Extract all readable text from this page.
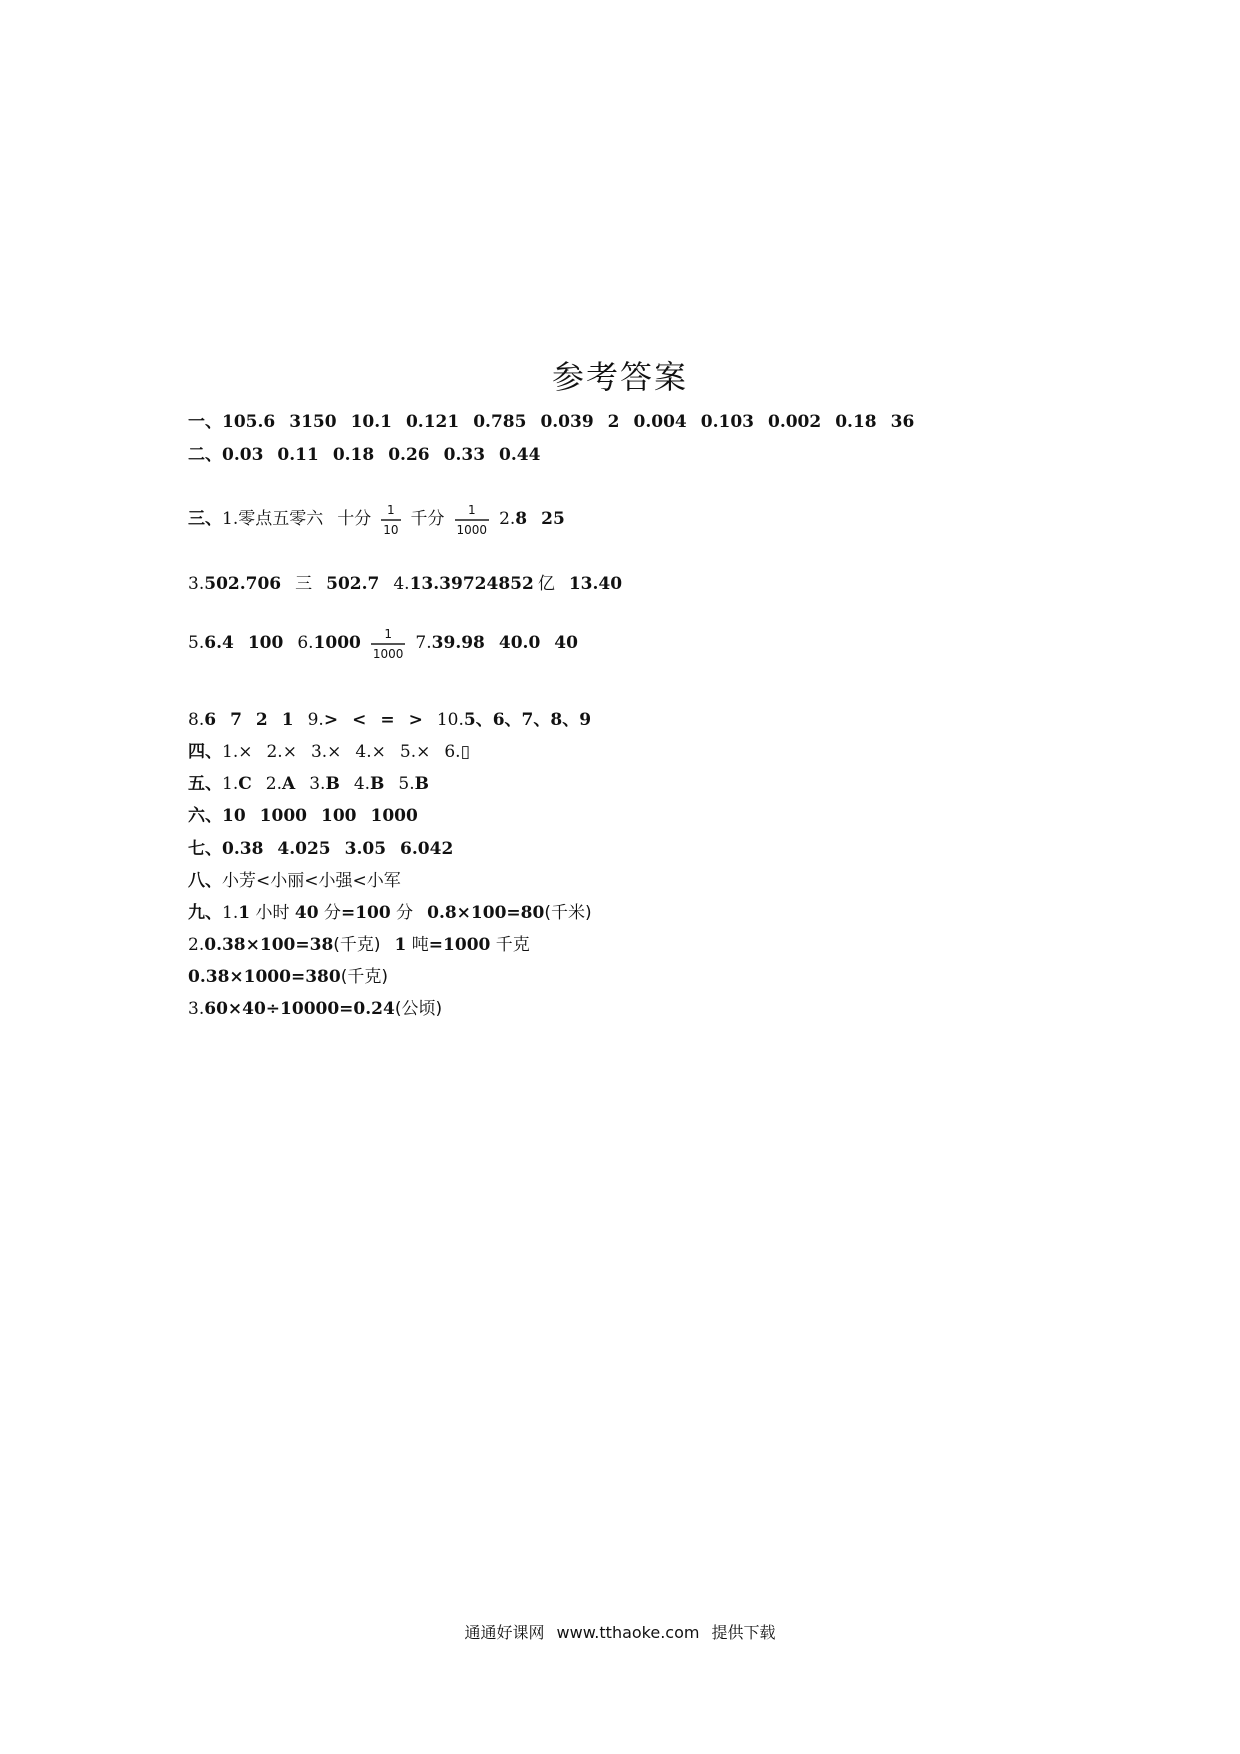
参考答案
一、105.6 3150 10.1 0.121 0.785 0.039 2 0.004 0.103 0.002 0.18 36
二、0.03 0.11 0.18 0.26 0.33 0.44
三、1.零点五零六 十分 $\frac{1}{10}$ 千分 $\frac{1}{1000} 2.8$ 25
3.502.706 三 502.7 4.13.39724852 亿 13.40
5.6.4 100 $6.1000 \frac{1}{1000} 7.39.98$ 40.0 40
8.6 7 2 1 9.> < = > 10.5、6、7、8、9
四、1.× 2.× 3.× 4.× 5.× 6.▯
五、1.C 2.A 3.B 4.B 5.B
六、10 1000 100 1000
七、0.38 4.025 3.05 6.042
八、小芳<小丽<小强<小军
九、1.1 小时 40 分=100 分 0.8×100=80(千米)
2.0.38×100=38(千克) 1 吨=1000 千克
0.38×1000=380(千克)
3.60×40÷10000=0.24(公顷)
通通好课网 www.tthaoke.com 提供下载
